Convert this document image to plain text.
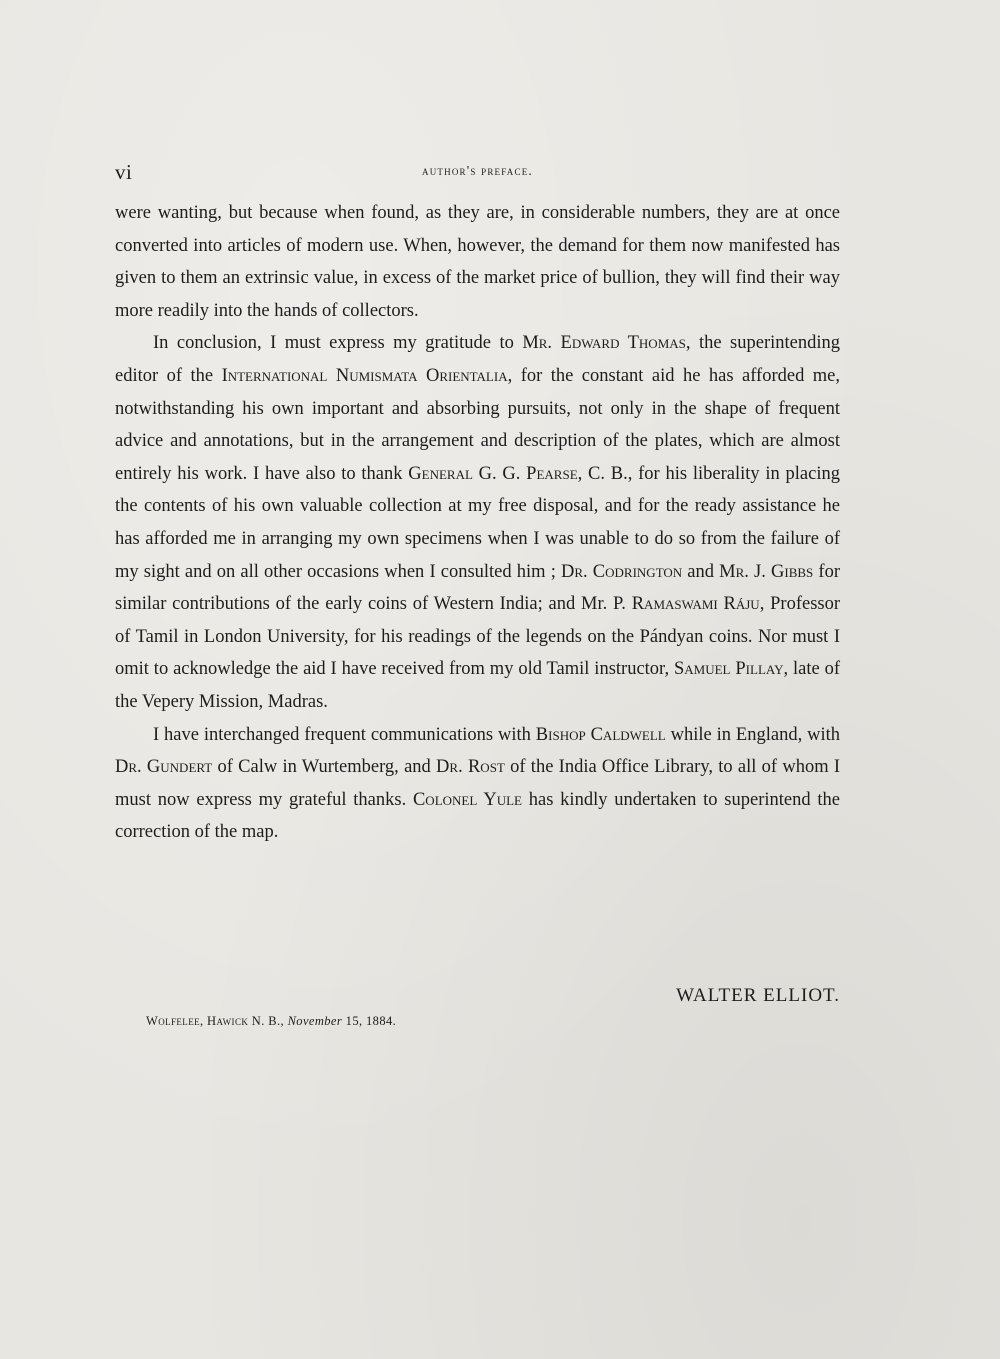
vi	author's preface.

were wanting, but because when found, as they are, in considerable numbers, they are at once converted into articles of modern use. When, however, the demand for them now manifested has given to them an extrinsic value, in excess of the market price of bullion, they will find their way more readily into the hands of collectors.

In conclusion, I must express my gratitude to Mr. Edward Thomas, the superintending editor of the International Numismata Orientalia, for the constant aid he has afforded me, notwithstanding his own important and absorbing pursuits, not only in the shape of frequent advice and annotations, but in the arrangement and description of the plates, which are almost entirely his work. I have also to thank General G. G. Pearse, C. B., for his liberality in placing the contents of his own valuable collection at my free disposal, and for the ready assistance he has afforded me in arranging my own specimens when I was unable to do so from the failure of my sight and on all other occasions when I consulted him ; Dr. Codrington and Mr. J. Gibbs for similar contributions of the early coins of Western India; and Mr. P. Ramaswami Ráju, Professor of Tamil in London University, for his readings of the legends on the Pándyan coins. Nor must I omit to acknowledge the aid I have received from my old Tamil instructor, Samuel Pillay, late of the Vepery Mission, Madras.

I have interchanged frequent communications with Bishop Caldwell while in England, with Dr. Gundert of Calw in Wurtemberg, and Dr. Rost of the India Office Library, to all of whom I must now express my grateful thanks. Colonel Yule has kindly undertaken to superintend the correction of the map.

WALTER ELLIOT.
Wolfelee, Hawick N. B., November 15, 1884.
